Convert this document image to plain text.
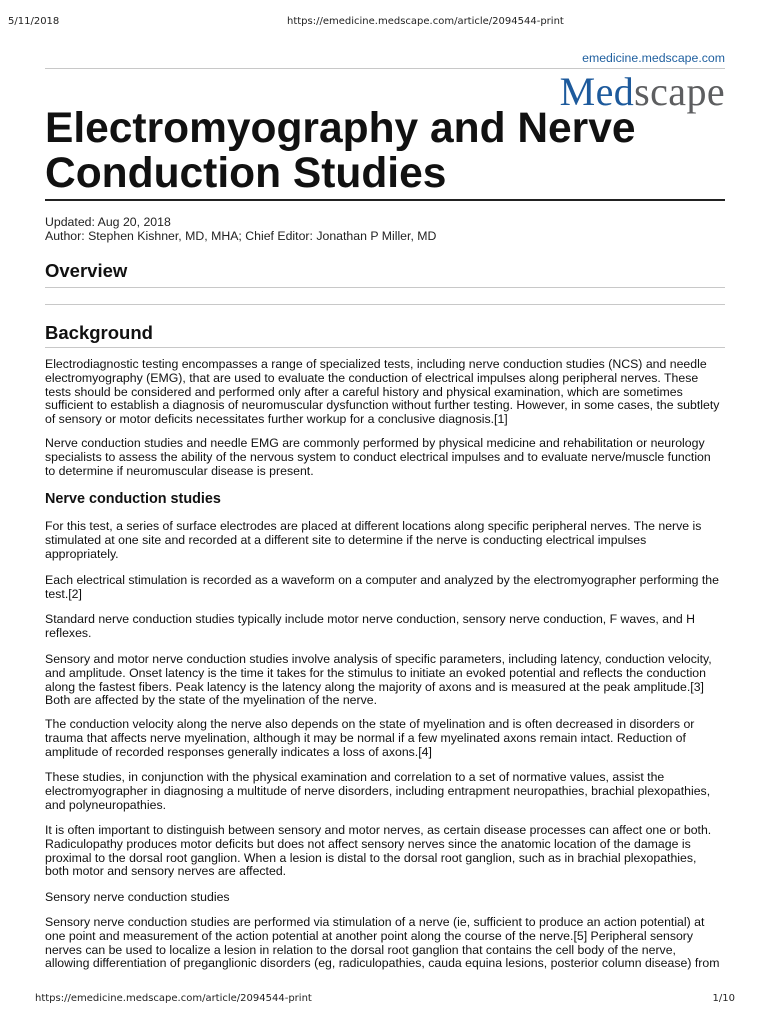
5/11/2018	https://emedicine.medscape.com/article/2094544-print
emedicine.medscape.com
Medscape
Electromyography and Nerve Conduction Studies
Updated: Aug 20, 2018
Author: Stephen Kishner, MD, MHA; Chief Editor: Jonathan P Miller, MD
Overview
Background
Electrodiagnostic testing encompasses a range of specialized tests, including nerve conduction studies (NCS) and needle
electromyography (EMG), that are used to evaluate the conduction of electrical impulses along peripheral nerves. These
tests should be considered and performed only after a careful history and physical examination, which are sometimes
sufficient to establish a diagnosis of neuromuscular dysfunction without further testing. However, in some cases, the subtlety
of sensory or motor deficits necessitates further workup for a conclusive diagnosis.[1]
Nerve conduction studies and needle EMG are commonly performed by physical medicine and rehabilitation or neurology
specialists to assess the ability of the nervous system to conduct electrical impulses and to evaluate nerve/muscle function
to determine if neuromuscular disease is present.
Nerve conduction studies
For this test, a series of surface electrodes are placed at different locations along specific peripheral nerves. The nerve is
stimulated at one site and recorded at a different site to determine if the nerve is conducting electrical impulses
appropriately.
Each electrical stimulation is recorded as a waveform on a computer and analyzed by the electromyographer performing the
test.[2]
Standard nerve conduction studies typically include motor nerve conduction, sensory nerve conduction, F waves, and H
reflexes.
Sensory and motor nerve conduction studies involve analysis of specific parameters, including latency, conduction velocity,
and amplitude. Onset latency is the time it takes for the stimulus to initiate an evoked potential and reflects the conduction
along the fastest fibers. Peak latency is the latency along the majority of axons and is measured at the peak amplitude.[3]
Both are affected by the state of the myelination of the nerve.
The conduction velocity along the nerve also depends on the state of myelination and is often decreased in disorders or
trauma that affects nerve myelination, although it may be normal if a few myelinated axons remain intact. Reduction of
amplitude of recorded responses generally indicates a loss of axons.[4]
These studies, in conjunction with the physical examination and correlation to a set of normative values, assist the
electromyographer in diagnosing a multitude of nerve disorders, including entrapment neuropathies, brachial plexopathies,
and polyneuropathies.
It is often important to distinguish between sensory and motor nerves, as certain disease processes can affect one or both.
Radiculopathy produces motor deficits but does not affect sensory nerves since the anatomic location of the damage is
proximal to the dorsal root ganglion. When a lesion is distal to the dorsal root ganglion, such as in brachial plexopathies,
both motor and sensory nerves are affected.
Sensory nerve conduction studies
Sensory nerve conduction studies are performed via stimulation of a nerve (ie, sufficient to produce an action potential) at
one point and measurement of the action potential at another point along the course of the nerve.[5] Peripheral sensory
nerves can be used to localize a lesion in relation to the dorsal root ganglion that contains the cell body of the nerve,
allowing differentiation of preganglionic disorders (eg, radiculopathies, cauda equina lesions, posterior column disease) from
https://emedicine.medscape.com/article/2094544-print	1/10
